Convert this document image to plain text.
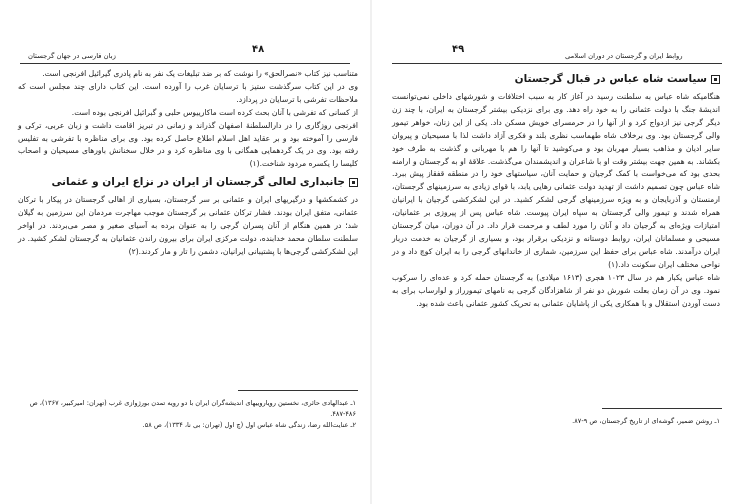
۴۸
زبان فارسی در جهان گرجستان

متناسب نیز کتاب «نصرالحق» را نوشت که بر ضد تبلیغات یک نفر به نام پادری گیرائیل افرنجی است.

وی در این کتاب سرگذشت ستیز با ترسایان غرب را آورده است. این کتاب دارای چند مجلس است که ملاحظات تفرشی با ترسایان در پردازد.

از کسانی که تفرشی با آنان بحث کرده است ماکارییوس حلبی و گبرائیل افرنجی بوده است.

افرنجی روزگاری را در دارالسلطنهٔ اصفهان گذراند و زمانی در تبریز اقامت داشت و زبان عربی، ترکی و فارسی را آموخته بود و بر عقاید اهل اسلام اطلاع حاصل کرده بود. وی برای مناظره با تفرشی به تفلیس رفته بود. وی در یک گردهمایی همگانی با وی مناظره کرد و در خلال سخنانش باورهای مسیحیان و اصحاب کلیسا را یکسره مردود شناخت.(۱)

جانبداری لعالی گرجستان از ایران در نزاع ایران و عثمانی

در کشمکشها و درگیریهای ایران و عثمانی بر سر گرجستان، بسیاری از اهالی گرجستان در پیکار با ترکان عثمانی، متفق ایران بودند. فشار ترکان عثمانی بر گرجستان موجب مهاجرت مردمان این سرزمین به گیلان شد؛ در همین هنگام از آنان پسران گرجی را به عنوان برده به آسیای صغیر و مصر می‌بردند. در اواخر سلطنت سلطان محمد خدابنده، دولت مرکزی ایران برای بیرون راندن عثمانیان به گرجستان لشکر کشید. در این لشکرکشی گرجی‌ها با پشتیبانی ایرانیان، دشمن را تار و مار کردند.(۲)

۱ـ عبدالهادی حائری، نخستین رویاروییهای اندیشه‌گران ایران با دو رویه تمدن بورژوازی غرب (تهران: امیرکبیر، ۱۳۶۷)، ص ۴۸۶-۴۸۷.
۲ـ عنایت‌الله رضا، زندگی شاه عباس اول (چ اول (تهران: بی نا، ۱۳۳۴)، ص ۵۸.
۴۹
روابط ایران و گرجستان در دوران اسلامی
سیاست شاه عباس در قبال گرجستان

هنگامیکه شاه عباس به سلطنت رسید در آغاز کار به سبب اختلافات و شورشهای داخلی نمی‌توانست اندیشهٔ جنگ با دولت عثمانی را به خود راه دهد. وی برای نزدیکی بیشتر گرجستان به ایران، با چند زن دیگر گرجی نیز ازدواج کرد و از آنها را در حرمسرای خویش مسکن داد. یکی از این زنان، خواهر تیمور والی گرجستان بود. وی برخلاف شاه طهماسب نظری بلند و فکری آزاد داشت لذا با مسیحیان و پیروان سایر ادیان و مذاهب بسیار مهربان بود و می‌کوشید تا آنها را هم با مهربانی و گذشت به طرف خود بکشاند. به همین جهت بیشتر وقت او با شاعران و اندیشمندان می‌گذشت. علاقهٔ او به گرجستان و ارامنه بحدی بود که می‌خواست با کمک گرجیان و حمایت آنان، سیاستهای خود را در منطقه قفقاز پیش ببرد. شاه عباس چون تصمیم داشت از تهدید دولت عثمانی رهایی یابد، با قوای زیادی به سرزمینهای گرجستان، ارمنستان و آذربایجان و به ویژه سرزمینهای گرجی لشکر کشید. در این لشکرکشی گرجیان با ایرانیان همراه شدند و تیمور والی گرجستان به سپاه ایران پیوست. شاه عباس پس از پیروزی بر عثمانیان، امتیازات ویژه‌ای به گرجیان داد و آنان را مورد لطف و مرحمت قرار داد. در آن دوران، میان گرجستان مسیحی و مسلمانان ایران، روابط دوستانه و نزدیکی برقرار بود، و بسیاری از گرجیان به خدمت دربار ایران درآمدند. شاه عباس برای حفظ این سرزمین، شماری از خاندانهای گرجی را به ایران کوچ داد و در نواحی مختلف ایران سکونت داد.(۱)

شاه عباس یکبار هم در سال ۱۰۲۳ هجری (۱۶۱۳ میلادی) به گرجستان حمله کرد و عده‌ای را سرکوب نمود. وی در آن زمان بعلت شورش دو نفر از شاهزادگان گرجی به نامهای تیمورراز و لوارساب برای به دست آوردن استقلال و با همکاری یکی از پاشایان عثمانی به تحریک کشور عثمانی باعث شده بود.

۱ـ روشن ضمیر، گوشه‌ای از تاریخ گرجستان، ص ۹-۸۷.
